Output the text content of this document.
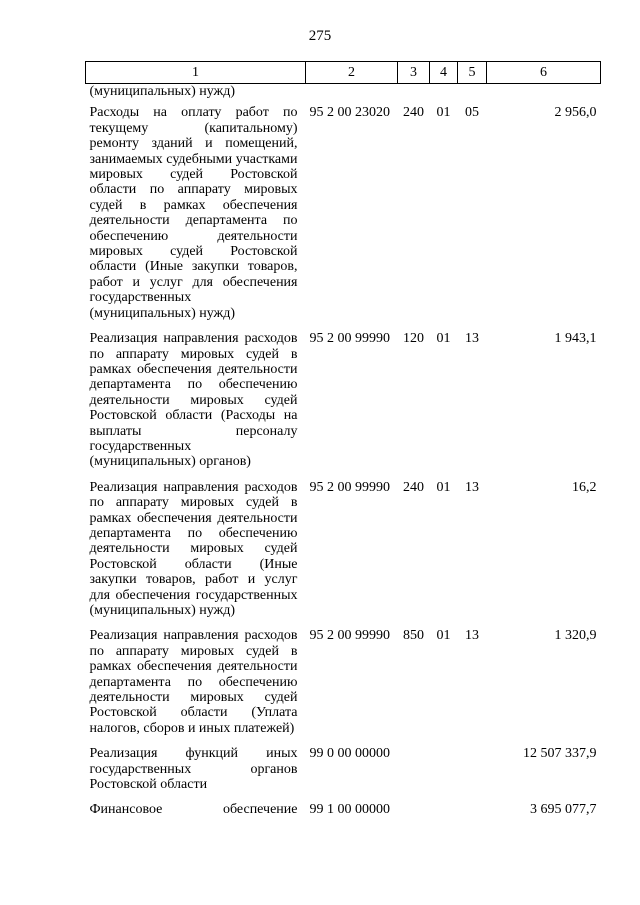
275
1	2	3	4	5	6
(муниципальных) нужд)					
Расходы на оплату работ по текущему (капитальному) ремонту зданий и помещений, занимаемых судебными участками мировых судей Ростовской области по аппарату мировых судей в рамках обеспечения деятельности департамента по обеспечению деятельности мировых судей Ростовской области (Иные закупки товаров, работ и услуг для обеспечения государственных (муниципальных) нужд)	95 2 00 23020	240	01	05	2 956,0
Реализация направления расходов по аппарату мировых судей в рамках обеспечения деятельности департамента по обеспечению деятельности мировых судей Ростовской области (Расходы на выплаты персоналу государственных (муниципальных) органов)	95 2 00 99990	120	01	13	1 943,1
Реализация направления расходов по аппарату мировых судей в рамках обеспечения деятельности департамента по обеспечению деятельности мировых судей Ростовской области (Иные закупки товаров, работ и услуг для обеспечения государственных (муниципальных) нужд)	95 2 00 99990	240	01	13	16,2
Реализация направления расходов по аппарату мировых судей в рамках обеспечения деятельности департамента по обеспечению деятельности мировых судей Ростовской области (Уплата налогов, сборов и иных платежей)	95 2 00 99990	850	01	13	1 320,9
Реализация функций иных государственных органов Ростовской области	99 0 00 00000				12 507 337,9
Финансовое обеспечение	99 1 00 00000				3 695 077,7
